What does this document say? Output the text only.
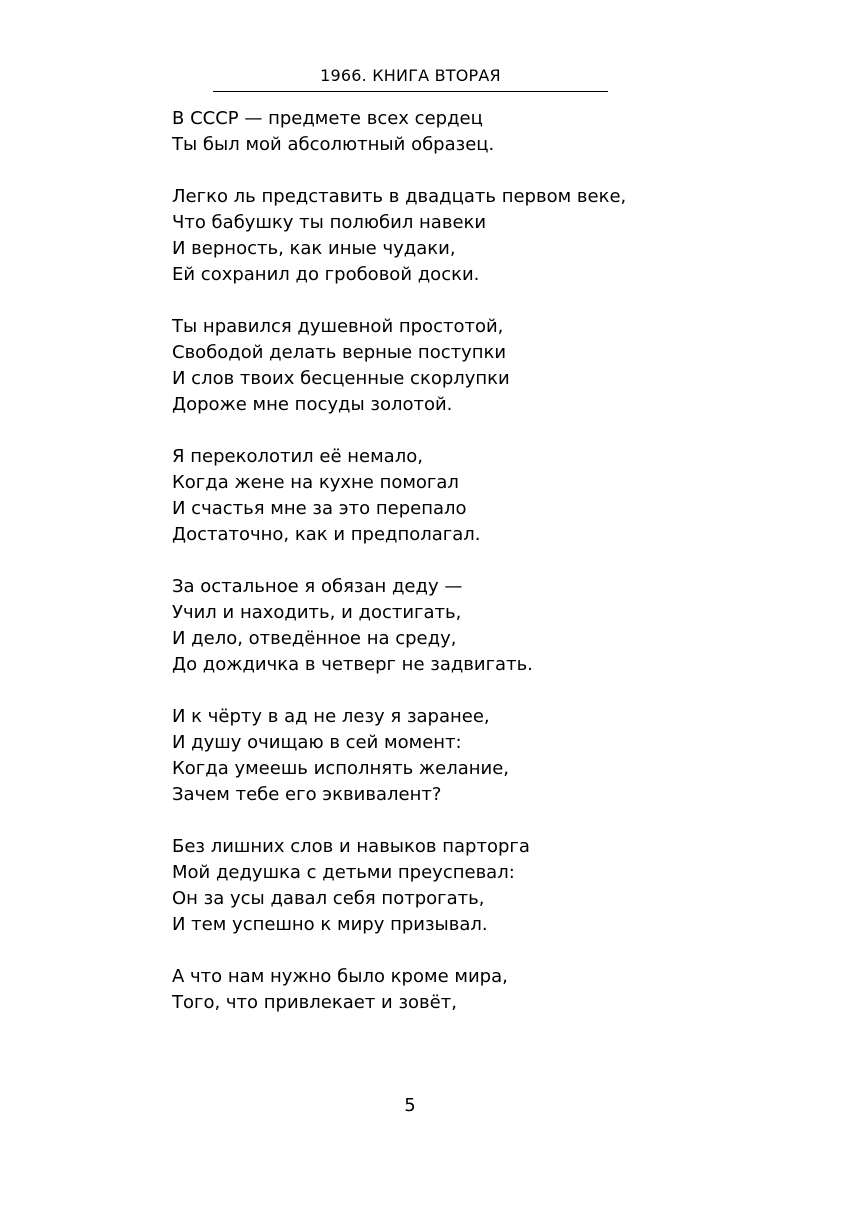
1966. КНИГА ВТОРАЯ
В СССР — предмете всех сердец
Ты был мой абсолютный образец.
Легко ль представить в двадцать первом веке,
Что бабушку ты полюбил навеки
И верность, как иные чудаки,
Ей сохранил до гробовой доски.
Ты нравился душевной простотой,
Свободой делать верные поступки
И слов твоих бесценные скорлупки
Дороже мне посуды золотой.
Я переколотил её немало,
Когда жене на кухне помогал
И счастья мне за это перепало
Достаточно, как и предполагал.
За остальное я обязан деду —
Учил и находить, и достигать,
И дело, отведённое на среду,
До дождичка в четверг не задвигать.
И к чёрту в ад не лезу я заранее,
И душу очищаю в сей момент:
Когда умеешь исполнять желание,
Зачем тебе его эквивалент?
Без лишних слов и навыков парторга
Мой дедушка с детьми преуспевал:
Он за усы давал себя потрогать,
И тем успешно к миру призывал.
А что нам нужно было кроме мира,
Того, что привлекает и зовёт,
5
